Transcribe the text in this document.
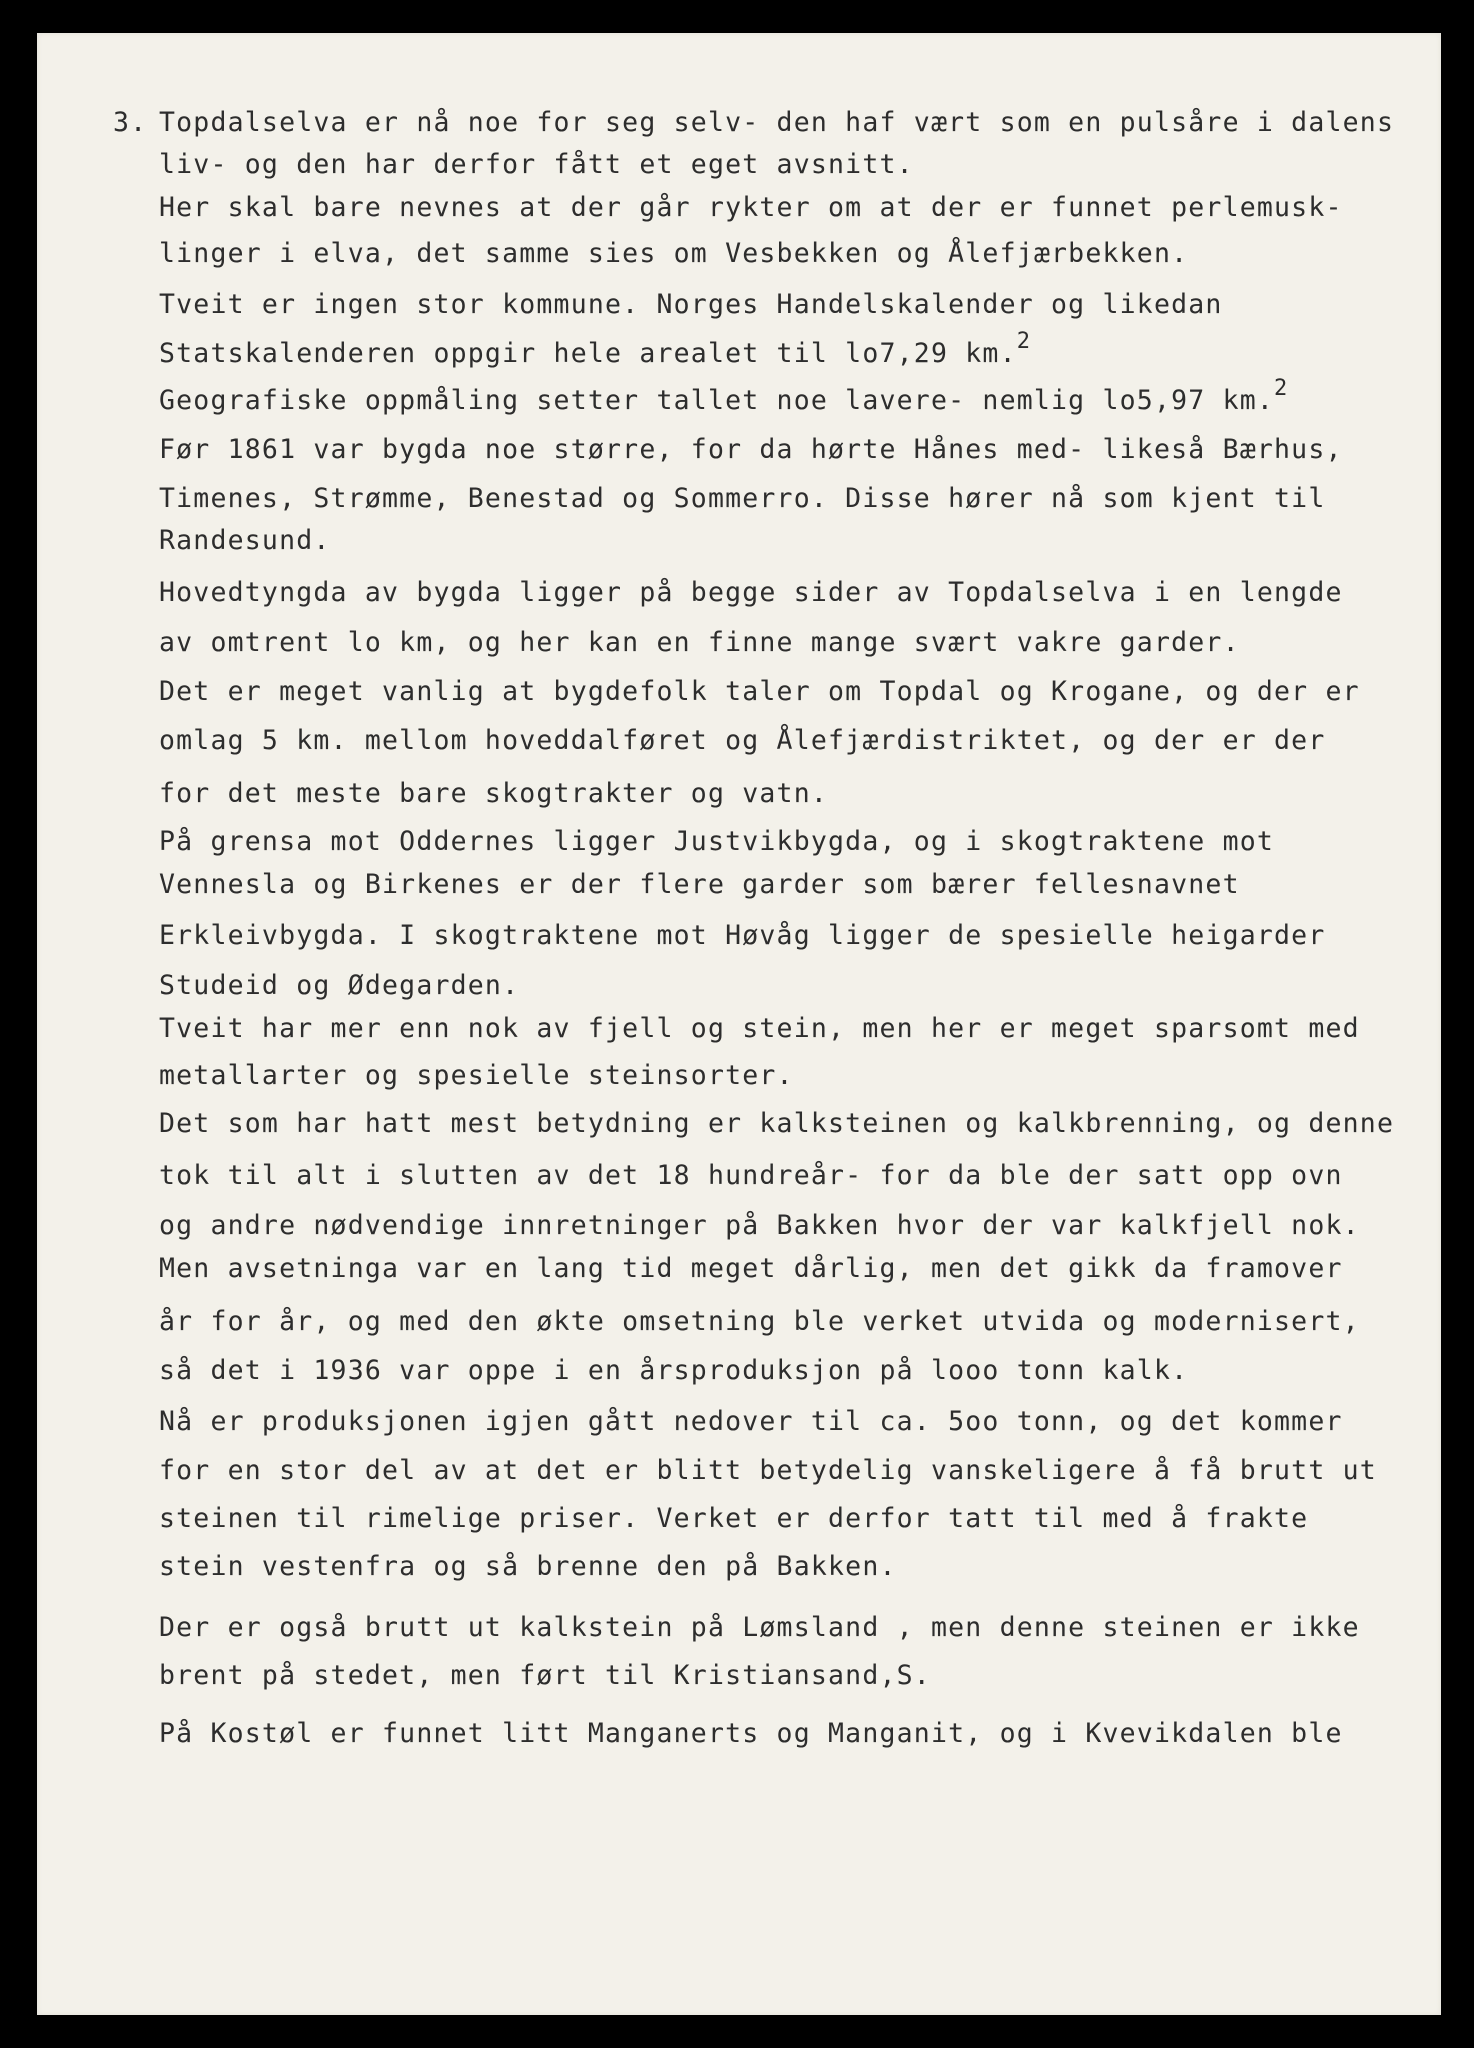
3. Topdalselva er nå noe for seg selv- den haf vært som en pulsåre i dalens
liv- og den har derfor fått et eget avsnitt.
Her skal bare nevnes at der går rykter om at der er funnet perlemusk-
linger i elva, det samme sies om Vesbekken og Ålefjærbekken.
Tveit er ingen stor kommune. Norges Handelskalender og likedan
Statskalenderen oppgir hele arealet til lo7,29 km.$^2$
Geografiske oppmåling setter tallet noe lavere- nemlig lo5,97 km.$^2$
Før 1861 var bygda noe større, for da hørte Hånes med- likeså Bærhus,
Timenes, Strømme, Benestad og Sommerro. Disse hører nå som kjent til
Randesund.
Hovedtyngda av bygda ligger på begge sider av Topdalselva i en lengde
av omtrent lo km, og her kan en finne mange svært vakre garder.
Det er meget vanlig at bygdefolk taler om Topdal og Krogane, og der er
omlag 5 km. mellom hoveddalføret og Ålefjærdistriktet, og der er der
for det meste bare skogtrakter og vatn.
På grensa mot Oddernes ligger Justvikbygda, og i skogtraktene mot
Vennesla og Birkenes er der flere garder som bærer fellesnavnet
Erkleivbygda. I skogtraktene mot Høvåg ligger de spesielle heigarder
Studeid og Ødegarden.
Tveit har mer enn nok av fjell og stein, men her er meget sparsomt med
metallarter og spesielle steinsorter.
Det som har hatt mest betydning er kalksteinen og kalkbrenning, og denne
tok til alt i slutten av det 18 hundreår- for da ble der satt opp ovn
og andre nødvendige innretninger på Bakken hvor der var kalkfjell nok.
Men avsetninga var en lang tid meget dårlig, men det gikk da framover
år for år, og med den økte omsetning ble verket utvida og modernisert,
så det i 1936 var oppe i en årsproduksjon på looo tonn kalk.
Nå er produksjonen igjen gått nedover til ca. 5oo tonn, og det kommer
for en stor del av at det er blitt betydelig vanskeligere å få brutt ut
steinen til rimelige priser. Verket er derfor tatt til med å frakte
stein vestenfra og så brenne den på Bakken.
Der er også brutt ut kalkstein på Lømsland , men denne steinen er ikke
brent på stedet, men ført til Kristiansand,S.
På Kostøl er funnet litt Manganerts og Manganit, og i Kvevikdalen ble
